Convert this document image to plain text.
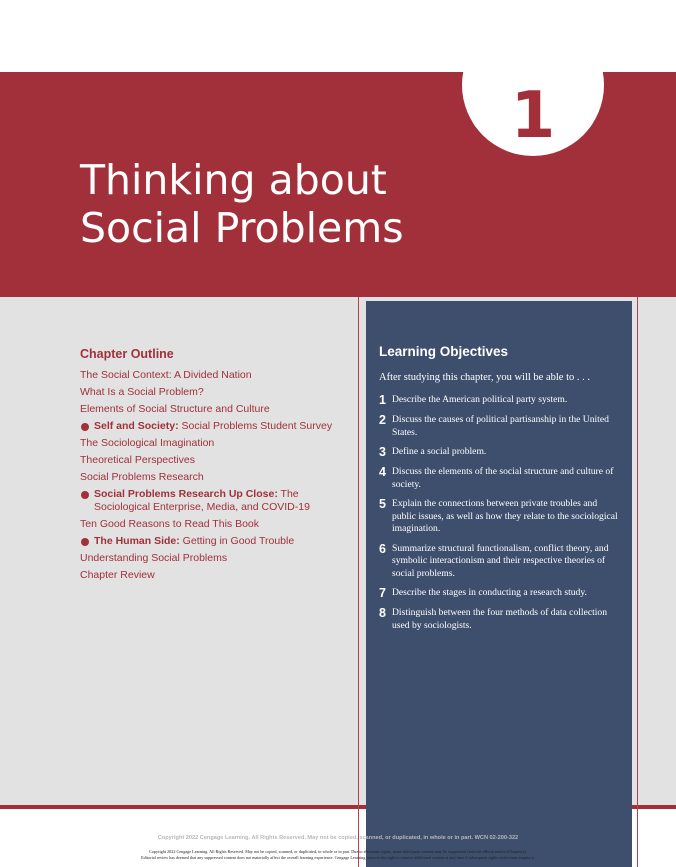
1
Thinking about
Social Problems
Chapter Outline
The Social Context: A Divided Nation
What Is a Social Problem?
Elements of Social Structure and Culture
Self and Society: Social Problems Student Survey
The Sociological Imagination
Theoretical Perspectives
Social Problems Research
Social Problems Research Up Close: The Sociological Enterprise, Media, and COVID-19
Ten Good Reasons to Read This Book
The Human Side: Getting in Good Trouble
Understanding Social Problems
Chapter Review
Learning Objectives

After studying this chapter, you will be able to . . .

1 Describe the American political party system.
2 Discuss the causes of political partisanship in the United States.
3 Define a social problem.
4 Discuss the elements of the social structure and culture of society.
5 Explain the connections between private troubles and public issues, as well as how they relate to the sociological imagination.
6 Summarize structural functionalism, conflict theory, and symbolic interactionism and their respective theories of social problems.
7 Describe the stages in conducting a research study.
8 Distinguish between the four methods of data collection used by sociologists.
Copyright 2022 Cengage Learning. All Rights Reserved. May not be copied, scanned, or duplicated, in whole or in part. WCN 02-200-322
Copyright 2022 Cengage Learning. All Rights Reserved. May not be copied, scanned, or duplicated, in whole or in part. Due to electronic rights, some third party content may be suppressed from the eBook and/or eChapter(s).
Editorial review has deemed that any suppressed content does not materially affect the overall learning experience. Cengage Learning reserves the right to remove additional content at any time if subsequent rights restrictions require it.
